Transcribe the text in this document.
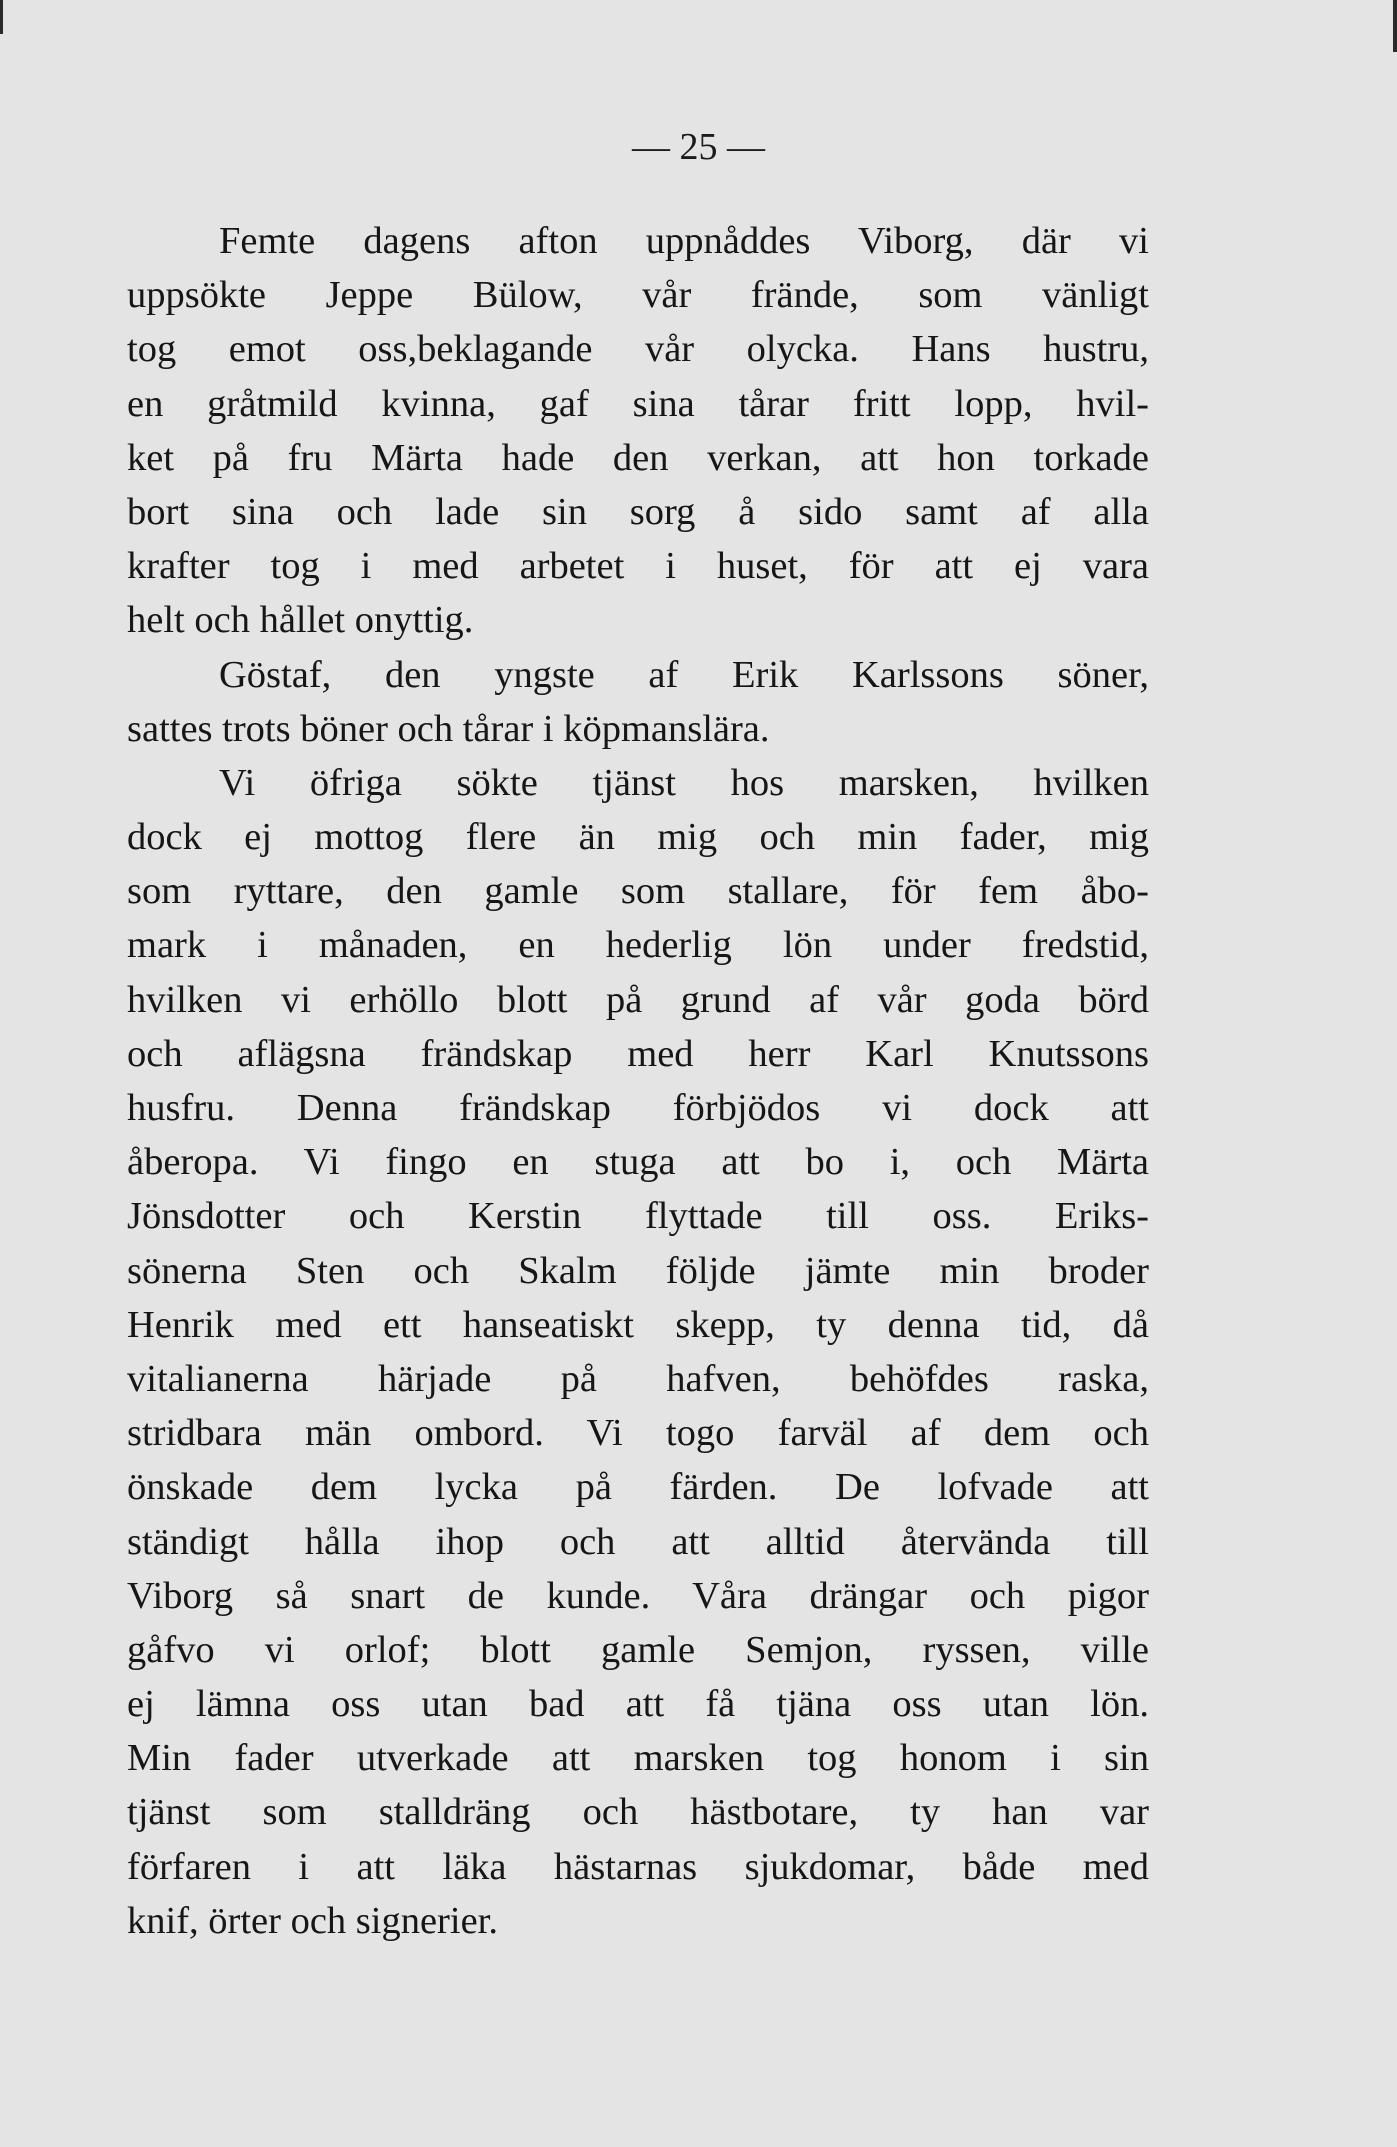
— 25 —

Femte dagens afton uppnåddes Viborg, där vi
uppsökte Jeppe Bülow, vår frände, som vänligt
tog emot oss,beklagande vår olycka. Hans hustru,
en gråtmild kvinna, gaf sina tårar fritt lopp, hvil-
ket på fru Märta hade den verkan, att hon torkade
bort sina och lade sin sorg å sido samt af alla
krafter tog i med arbetet i huset, för att ej vara
helt och hållet onyttig.
Göstaf, den yngste af Erik Karlssons söner,
sattes trots böner och tårar i köpmanslära.
Vi öfriga sökte tjänst hos marsken, hvilken
dock ej mottog flere än mig och min fader, mig
som ryttare, den gamle som stallare, för fem åbo-
mark i månaden, en hederlig lön under fredstid,
hvilken vi erhöllo blott på grund af vår goda börd
och aflägsna frändskap med herr Karl Knutssons
husfru. Denna frändskap förbjödos vi dock att
åberopa. Vi fingo en stuga att bo i, och Märta
Jönsdotter och Kerstin flyttade till oss. Eriks-
sönerna Sten och Skalm följde jämte min broder
Henrik med ett hanseatiskt skepp, ty denna tid, då
vitalianerna härjade på hafven, behöfdes raska,
stridbara män ombord. Vi togo farväl af dem och
önskade dem lycka på färden. De lofvade att
ständigt hålla ihop och att alltid återvända till
Viborg så snart de kunde. Våra drängar och pigor
gåfvo vi orlof; blott gamle Semjon, ryssen, ville
ej lämna oss utan bad att få tjäna oss utan lön.
Min fader utverkade att marsken tog honom i sin
tjänst som stalldräng och hästbotare, ty han var
förfaren i att läka hästarnas sjukdomar, både med
knif, örter och signerier.
